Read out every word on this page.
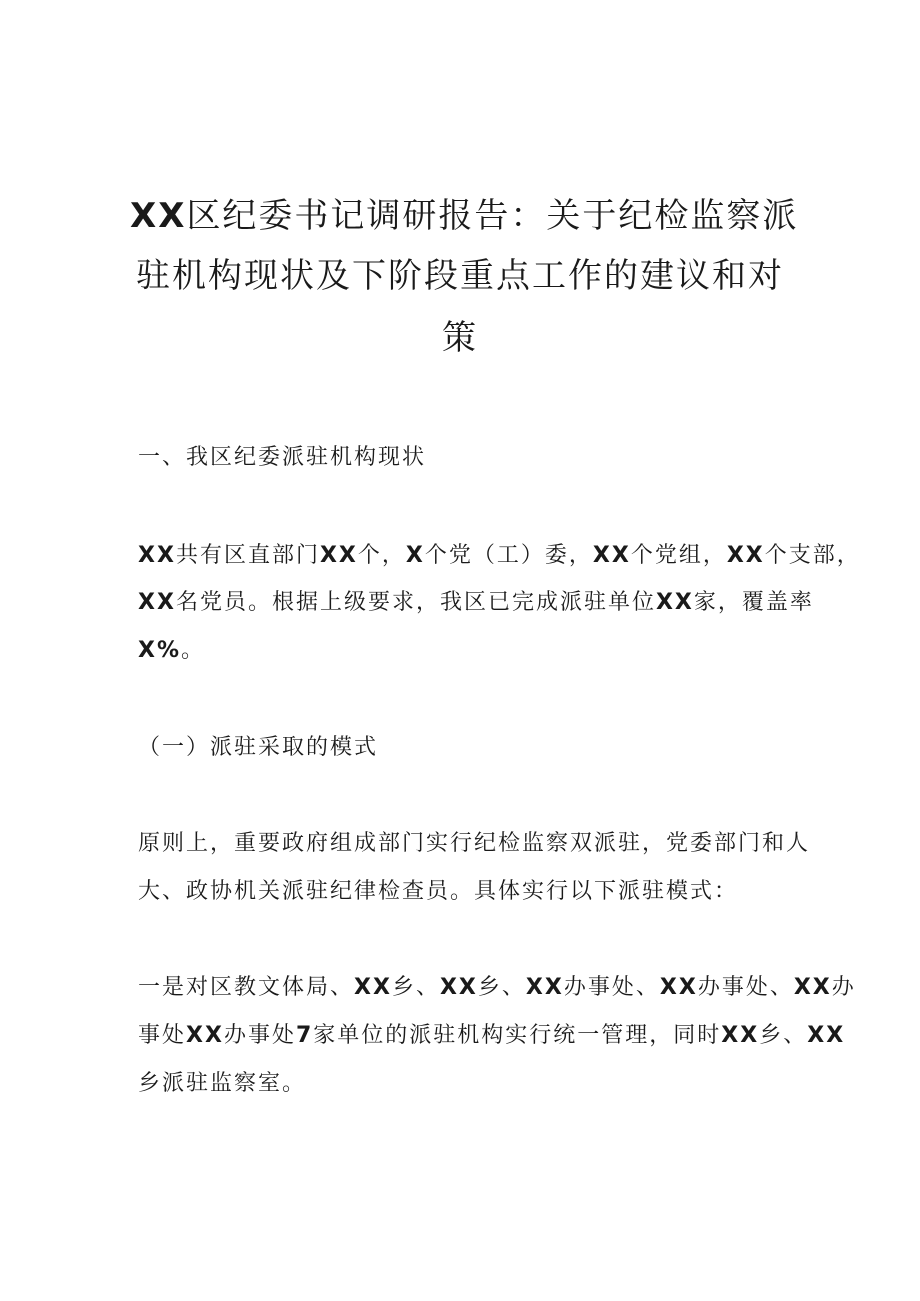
XX区纪委书记调研报告：关于纪检监察派
驻机构现状及下阶段重点工作的建议和对
策
一、我区纪委派驻机构现状
XX共有区直部门XX个，X个党（工）委，XX个党组，XX个支部，
XX名党员。根据上级要求，我区已完成派驻单位XX家，覆盖率
X%。
（一）派驻采取的模式
原则上，重要政府组成部门实行纪检监察双派驻，党委部门和人
大、政协机关派驻纪律检查员。具体实行以下派驻模式：
一是对区教文体局、XX乡、XX乡、XX办事处、XX办事处、XX办
事处XX办事处7家单位的派驻机构实行统一管理，同时XX乡、XX
乡派驻监察室。
